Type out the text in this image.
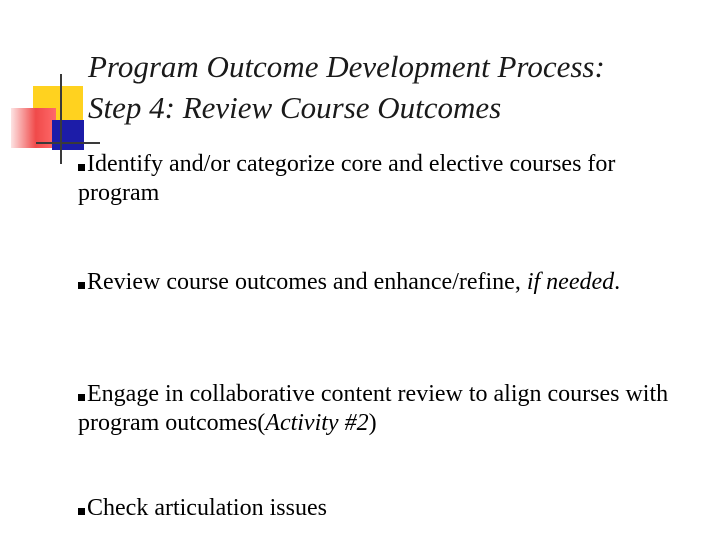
Program Outcome Development Process:
Step 4: Review Course Outcomes
Identify and/or categorize core and elective courses for program
Review course outcomes and enhance/refine, if needed.
Engage in collaborative content review to align courses with program outcomes(Activity #2)
Check articulation issues
